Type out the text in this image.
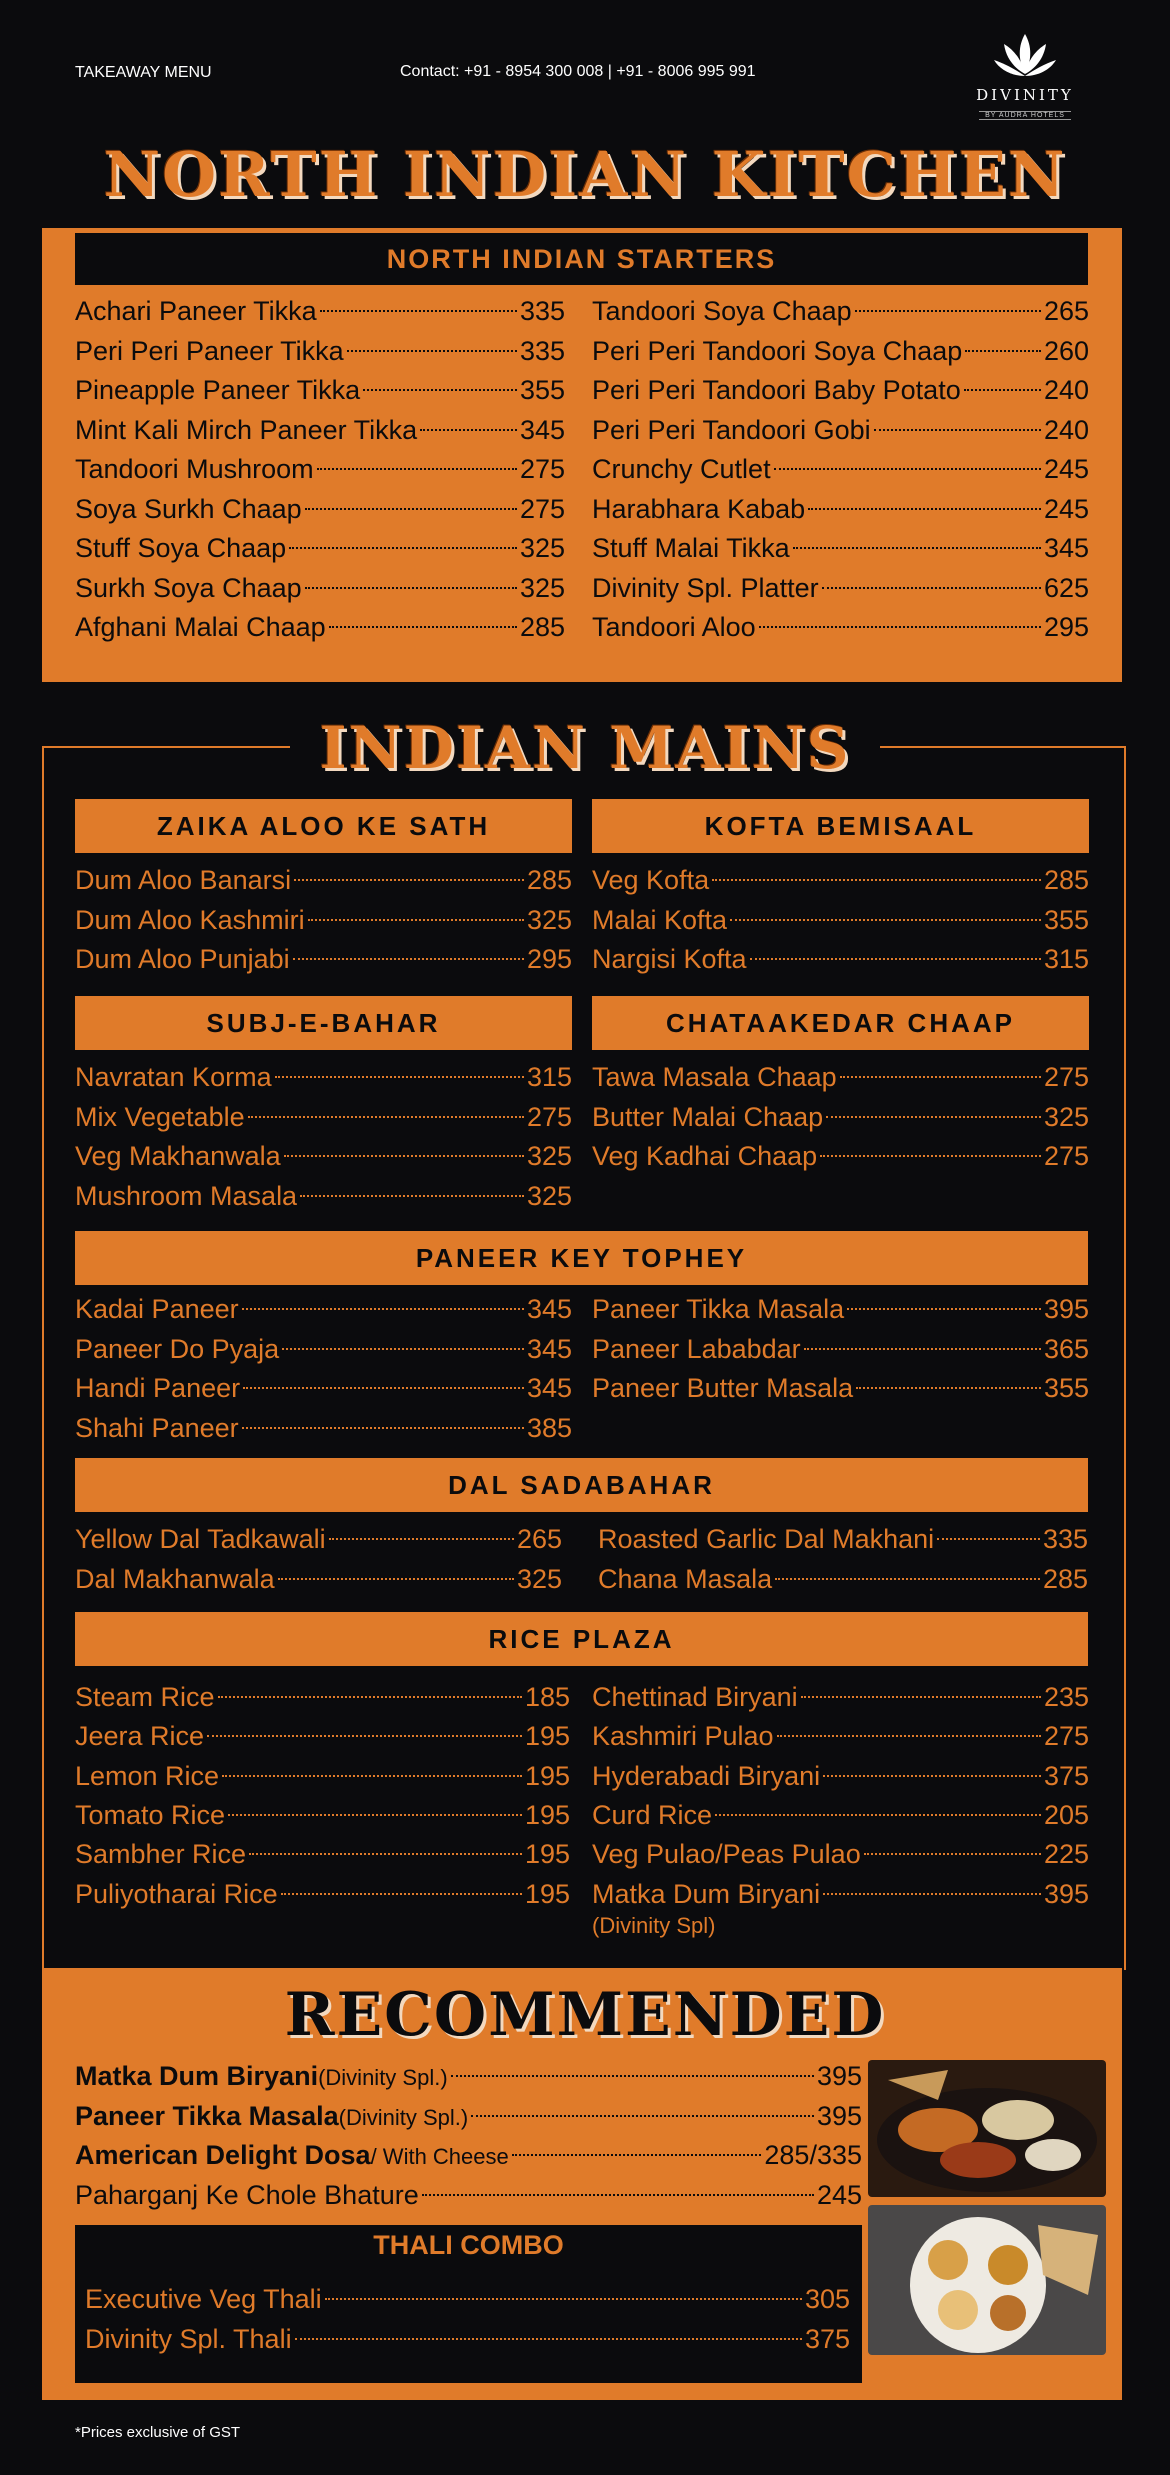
TAKEAWAY MENU	Contact: +91 - 8954 300 008 | +91 - 8006 995 991
DIVINITY
BY AUDRA HOTELS
NORTH INDIAN KITCHEN
NORTH INDIAN STARTERS
Achari Paneer Tikka	335
Peri Peri Paneer Tikka	335
Pineapple Paneer Tikka	355
Mint Kali Mirch Paneer Tikka	345
Tandoori Mushroom	275
Soya Surkh Chaap	275
Stuff Soya Chaap	325
Surkh Soya Chaap	325
Afghani Malai Chaap	285
Tandoori Soya Chaap	265
Peri Peri Tandoori Soya Chaap	260
Peri Peri Tandoori Baby Potato	240
Peri Peri Tandoori Gobi	240
Crunchy Cutlet	245
Harabhara Kabab	245
Stuff Malai Tikka	345
Divinity Spl. Platter	625
Tandoori Aloo	295
INDIAN MAINS
ZAIKA ALOO KE SATH	KOFTA BEMISAAL
Dum Aloo Banarsi	285
Dum Aloo Kashmiri	325
Dum Aloo Punjabi	295
Veg Kofta	285
Malai Kofta	355
Nargisi Kofta	315
SUBJ-E-BAHAR	CHATAAKEDAR CHAAP
Navratan Korma	315
Mix Vegetable	275
Veg Makhanwala	325
Mushroom Masala	325
Tawa Masala Chaap	275
Butter Malai Chaap	325
Veg Kadhai Chaap	275
PANEER KEY TOPHEY
Kadai Paneer	345
Paneer Do Pyaja	345
Handi Paneer	345
Shahi Paneer	385
Paneer Tikka Masala	395
Paneer Lababdar	365
Paneer Butter Masala	355
DAL SADABAHAR
Yellow Dal Tadkawali	265
Dal Makhanwala	325
Roasted Garlic Dal Makhani	335
Chana Masala	285
RICE PLAZA
Steam Rice	185
Jeera Rice	195
Lemon Rice	195
Tomato Rice	195
Sambher Rice	195
Puliyotharai Rice	195
Chettinad Biryani	235
Kashmiri Pulao	275
Hyderabadi Biryani	375
Curd Rice	205
Veg Pulao/Peas Pulao	225
Matka Dum Biryani	395
(Divinity Spl)
RECOMMENDED
Matka Dum Biryani (Divinity Spl.)	395
Paneer Tikka Masala (Divinity Spl.)	395
American Delight Dosa / With Cheese	285/335
Paharganj Ke Chole Bhature	245
THALI COMBO
Executive Veg Thali	305
Divinity Spl. Thali	375
*Prices exclusive of GST
